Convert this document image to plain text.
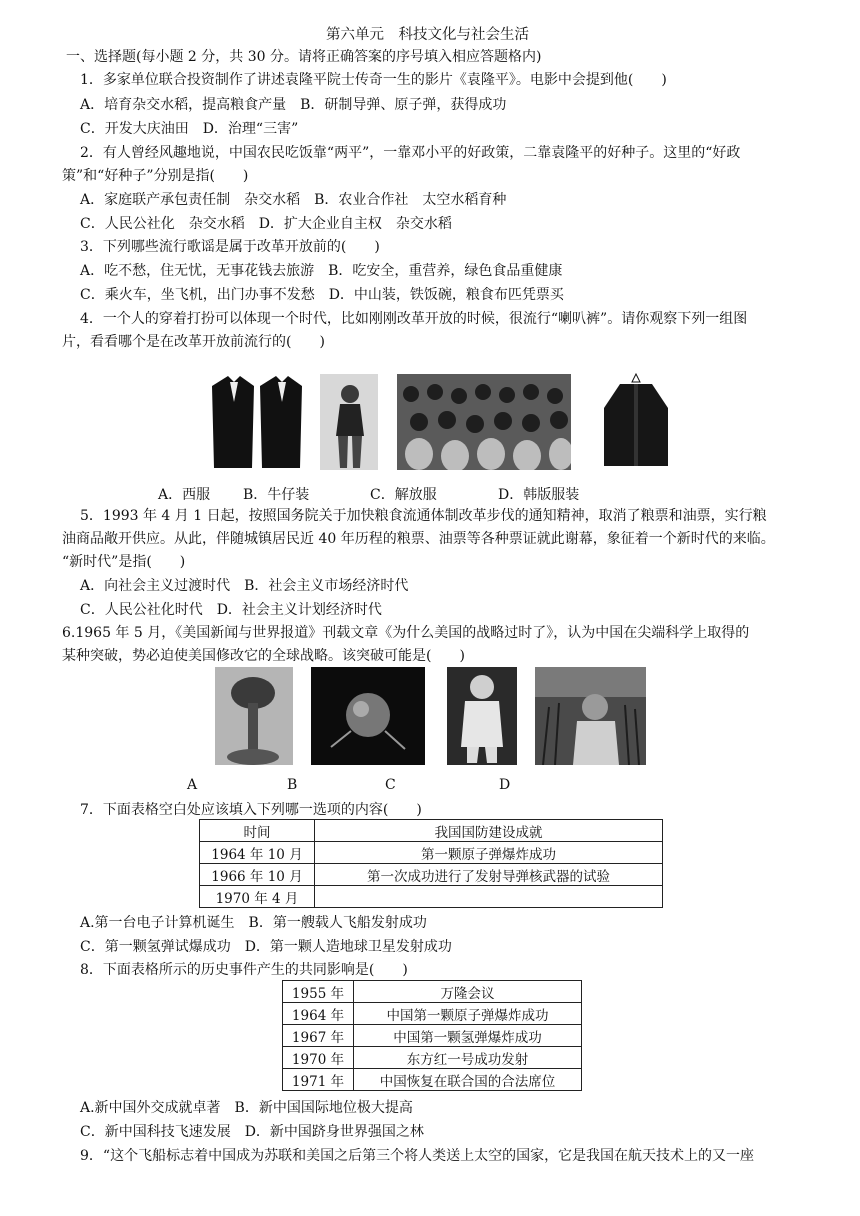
第六单元　科技文化与社会生活
一、选择题(每小题 2 分，共 30 分。请将正确答案的序号填入相应答题格内)
1．多家单位联合投资制作了讲述袁隆平院士传奇一生的影片《袁隆平》。电影中会提到他(　　)
A．培育杂交水稻，提高粮食产量　B．研制导弹、原子弹，获得成功
C．开发大庆油田　D．治理“三害”
2．有人曾经风趣地说，中国农民吃饭靠“两平”，一靠邓小平的好政策，二靠袁隆平的好种子。这里的“好政
策”和“好种子”分别是指(　　)
A．家庭联产承包责任制　杂交水稻　B．农业合作社　太空水稻育种
C．人民公社化　杂交水稻　D．扩大企业自主权　杂交水稻
3．下列哪些流行歌谣是属于改革开放前的(　　)
A．吃不愁，住无忧，无事花钱去旅游　B．吃安全，重营养，绿色食品重健康
C．乘火车，坐飞机，出门办事不发愁　D．中山装，铁饭碗，粮食布匹凭票买
4．一个人的穿着打扮可以体现一个时代，比如刚刚改革开放的时候，很流行“喇叭裤”。请你观察下列一组图
片，看看哪个是在改革开放前流行的(　　)
A．西服 B．牛仔装	C．解放服	D．韩版服装
5．1993 年 4 月 1 日起，按照国务院关于加快粮食流通体制改革步伐的通知精神，取消了粮票和油票，实行粮
油商品敞开供应。从此，伴随城镇居民近 40 年历程的粮票、油票等各种票证就此谢幕，象征着一个新时代的来临。
“新时代”是指(　　)
A．向社会主义过渡时代　B．社会主义市场经济时代
C．人民公社化时代　D．社会主义计划经济时代
6.1965 年 5 月，《美国新闻与世界报道》刊载文章《为什么美国的战略过时了》，认为中国在尖端科学上取得的
某种突破，势必迫使美国修改它的全球战略。该突破可能是(　　)
A	B	C	D
7．下面表格空白处应该填入下列哪一选项的内容(　　)
时间	我国国防建设成就
1964 年 10 月	第一颗原子弹爆炸成功
1966 年 10 月	第一次成功进行了发射导弹核武器的试验
1970 年 4 月	
A.第一台电子计算机诞生　B．第一艘载人飞船发射成功
C．第一颗氢弹试爆成功　D．第一颗人造地球卫星发射成功
8．下面表格所示的历史事件产生的共同影响是(　　)
1955 年	万隆会议
1964 年	中国第一颗原子弹爆炸成功
1967 年	中国第一颗氢弹爆炸成功
1970 年	东方红一号成功发射
1971 年	中国恢复在联合国的合法席位
A.新中国外交成就卓著　B．新中国国际地位极大提高
C．新中国科技飞速发展　D．新中国跻身世界强国之林
9．“这个飞船标志着中国成为苏联和美国之后第三个将人类送上太空的国家，它是我国在航天技术上的又一座
